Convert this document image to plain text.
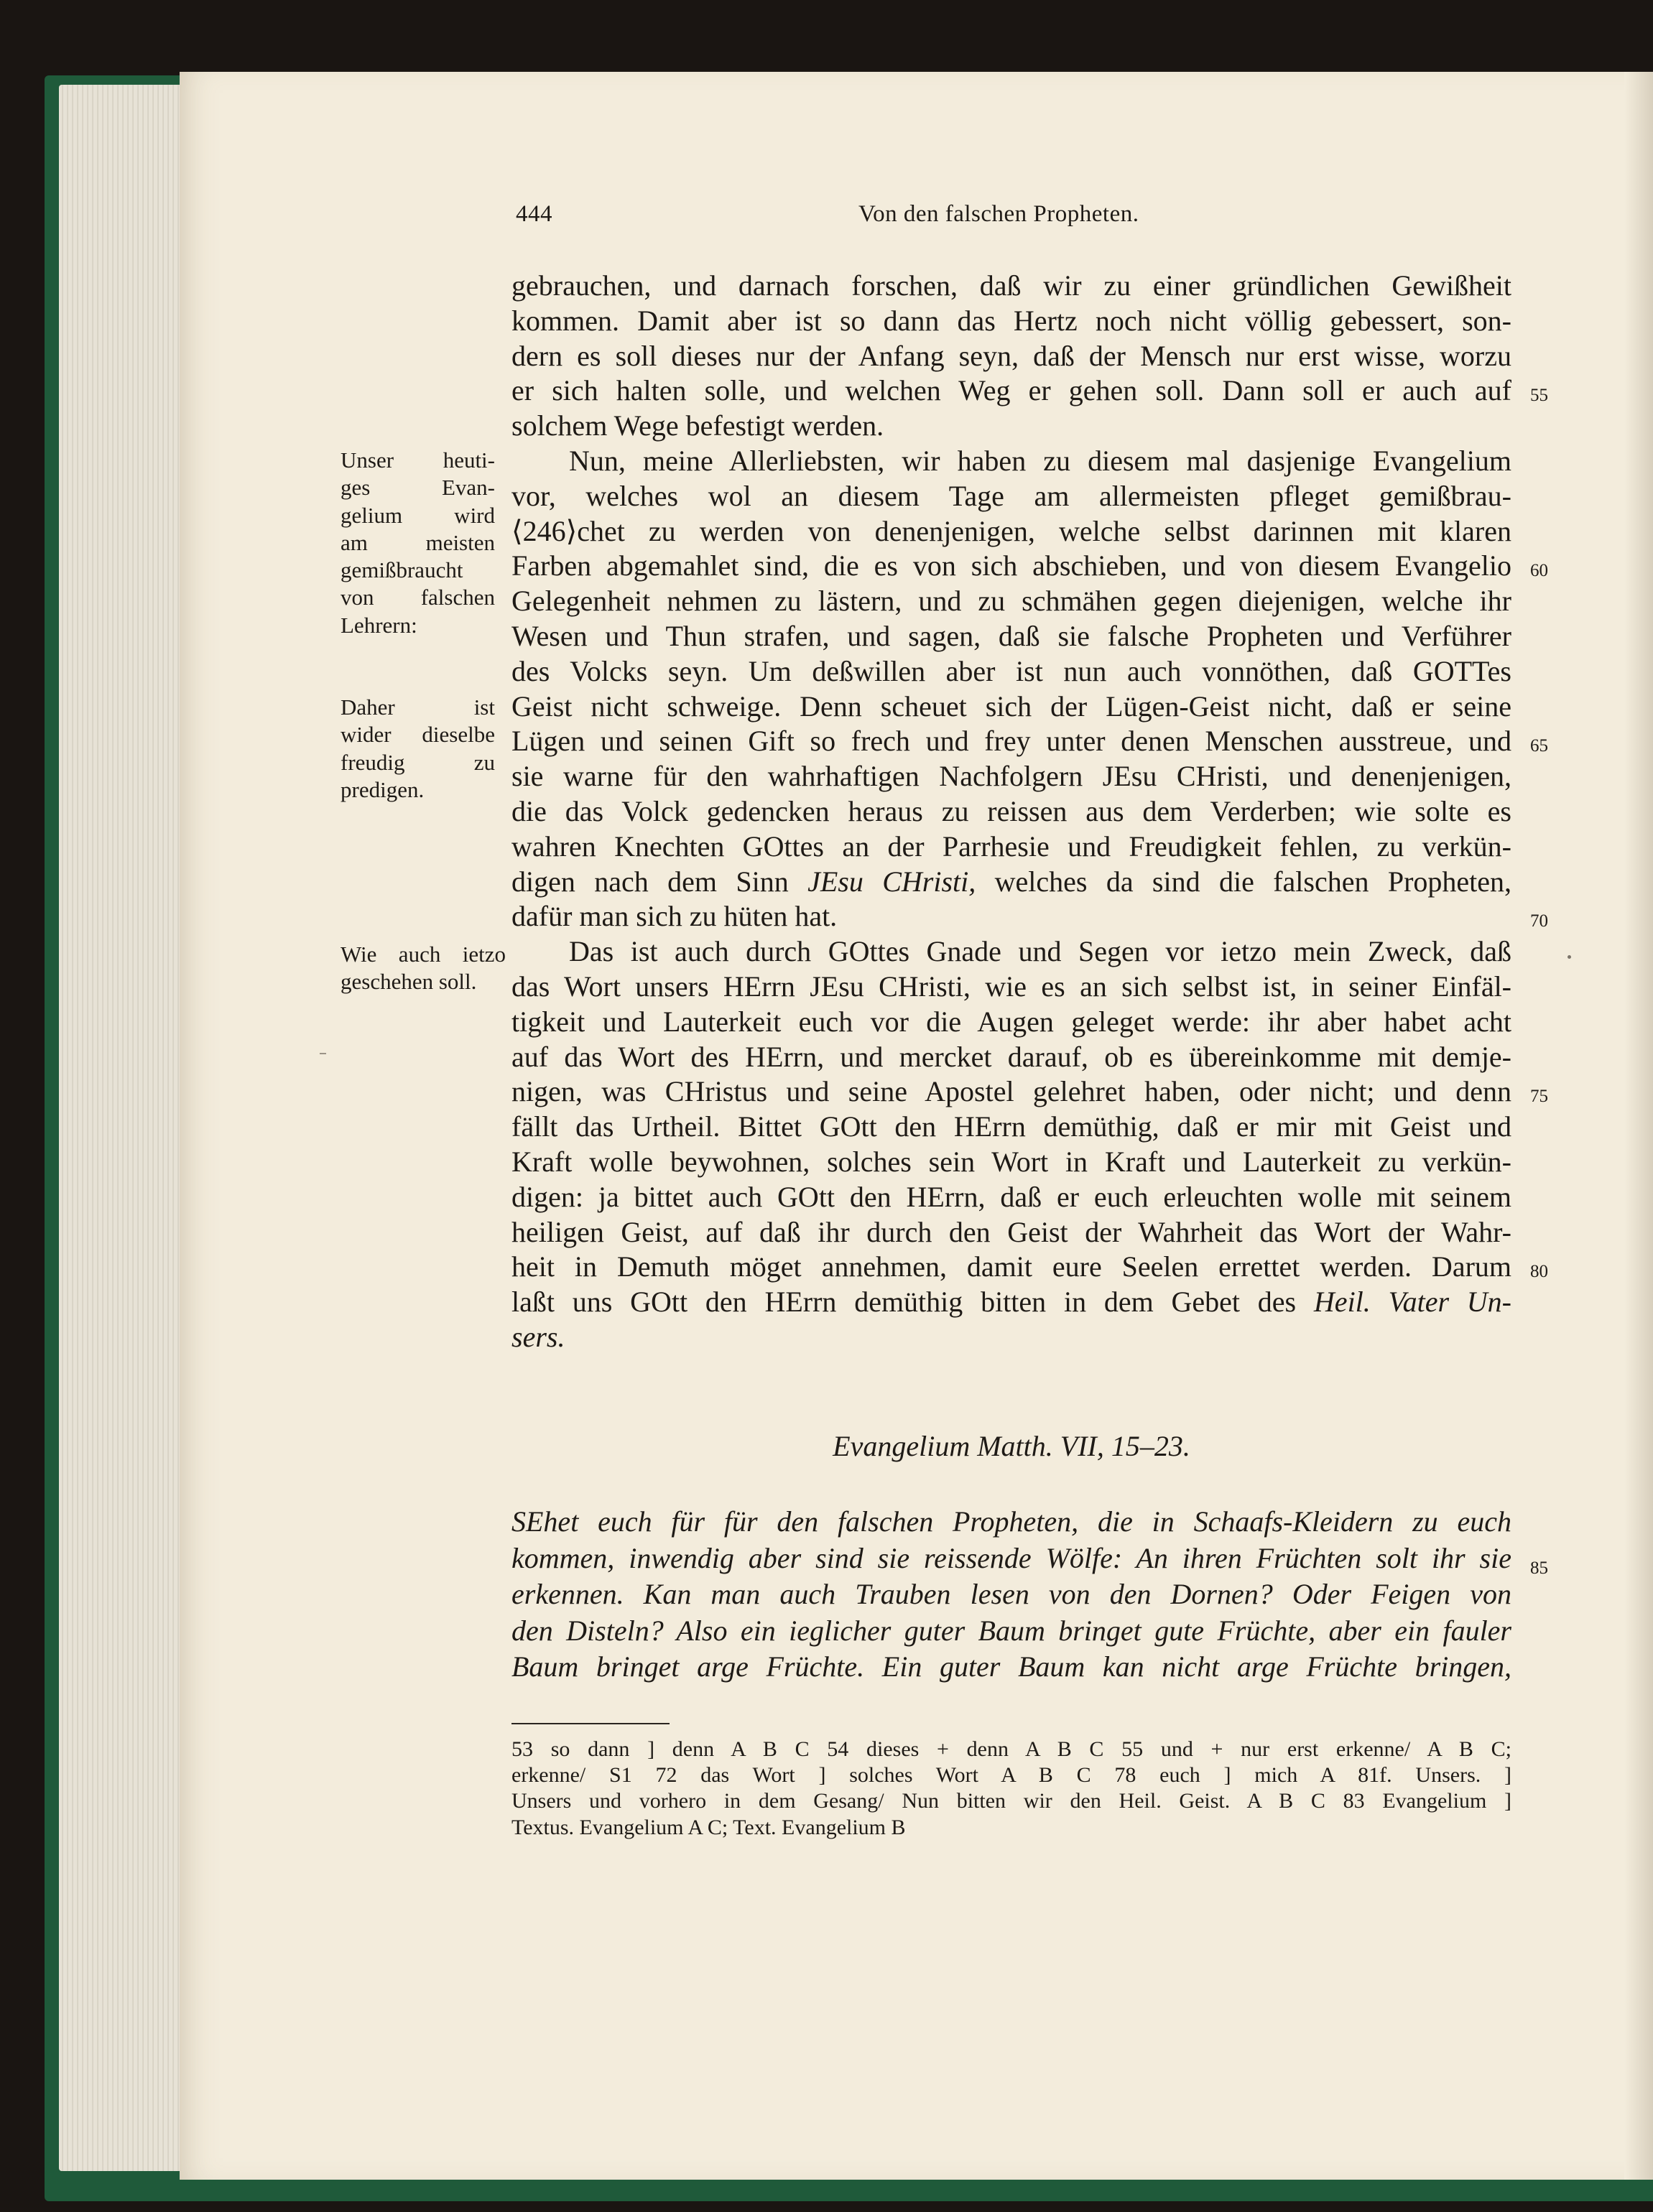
444	Von den falschen Propheten.
Unser heuti-
ges Evan-
gelium wird
am meisten
gemißbraucht
von falschen
Lehrern:
Daher ist
wider dieselbe
freudig zu
predigen.
Wie auch ietzo
geschehen soll.
gebrauchen, und darnach forschen, daß wir zu einer gründlichen Gewißheit
kommen. Damit aber ist so dann das Hertz noch nicht völlig gebessert, son-
dern es soll dieses nur der Anfang seyn, daß der Mensch nur erst wisse, worzu
er sich halten solle, und welchen Weg er gehen soll. Dann soll er auch auf
solchem Wege befestigt werden.
Nun, meine Allerliebsten, wir haben zu diesem mal dasjenige Evangelium
vor, welches wol an diesem Tage am allermeisten pfleget gemißbrau-
⟨246⟩chet zu werden von denenjenigen, welche selbst darinnen mit klaren
Farben abgemahlet sind, die es von sich abschieben, und von diesem Evangelio
Gelegenheit nehmen zu lästern, und zu schmähen gegen diejenigen, welche ihr
Wesen und Thun strafen, und sagen, daß sie falsche Propheten und Verführer
des Volcks seyn. Um deßwillen aber ist nun auch vonnöthen, daß GOTTes
Geist nicht schweige. Denn scheuet sich der Lügen-Geist nicht, daß er seine
Lügen und seinen Gift so frech und frey unter denen Menschen ausstreue, und
sie warne für den wahrhaftigen Nachfolgern JEsu CHristi, und denenjenigen,
die das Volck gedencken heraus zu reissen aus dem Verderben; wie solte es
wahren Knechten GOttes an der Parrhesie und Freudigkeit fehlen, zu verkün-
digen nach dem Sinn JEsu CHristi, welches da sind die falschen Propheten,
dafür man sich zu hüten hat.
Das ist auch durch GOttes Gnade und Segen vor ietzo mein Zweck, daß
das Wort unsers HErrn JEsu CHristi, wie es an sich selbst ist, in seiner Einfäl-
tigkeit und Lauterkeit euch vor die Augen geleget werde: ihr aber habet acht
auf das Wort des HErrn, und mercket darauf, ob es übereinkomme mit demje-
nigen, was CHristus und seine Apostel gelehret haben, oder nicht; und denn
fällt das Urtheil. Bittet GOtt den HErrn demüthig, daß er mir mit Geist und
Kraft wolle beywohnen, solches sein Wort in Kraft und Lauterkeit zu verkün-
digen: ja bittet auch GOtt den HErrn, daß er euch erleuchten wolle mit seinem
heiligen Geist, auf daß ihr durch den Geist der Wahrheit das Wort der Wahr-
heit in Demuth möget annehmen, damit eure Seelen errettet werden. Darum
laßt uns GOtt den HErrn demüthig bitten in dem Gebet des Heil. Vater Un-
sers.
55
60
65
70
75
80
85
Evangelium Matth. VII, 15–23.
SEhet euch für für den falschen Propheten, die in Schaafs-Kleidern zu euch
kommen, inwendig aber sind sie reissende Wölfe: An ihren Früchten solt ihr sie
erkennen. Kan man auch Trauben lesen von den Dornen? Oder Feigen von
den Disteln? Also ein ieglicher guter Baum bringet gute Früchte, aber ein fauler
Baum bringet arge Früchte. Ein guter Baum kan nicht arge Früchte bringen,
53 so dann ] denn A B C 54 dieses + denn A B C 55 und + nur erst erkenne/ A B C;
erkenne/ S1 72 das Wort ] solches Wort A B C 78 euch ] mich A 81f. Unsers. ]
Unsers und vorhero in dem Gesang/ Nun bitten wir den Heil. Geist. A B C 83 Evangelium ]
Textus. Evangelium A C; Text. Evangelium B
